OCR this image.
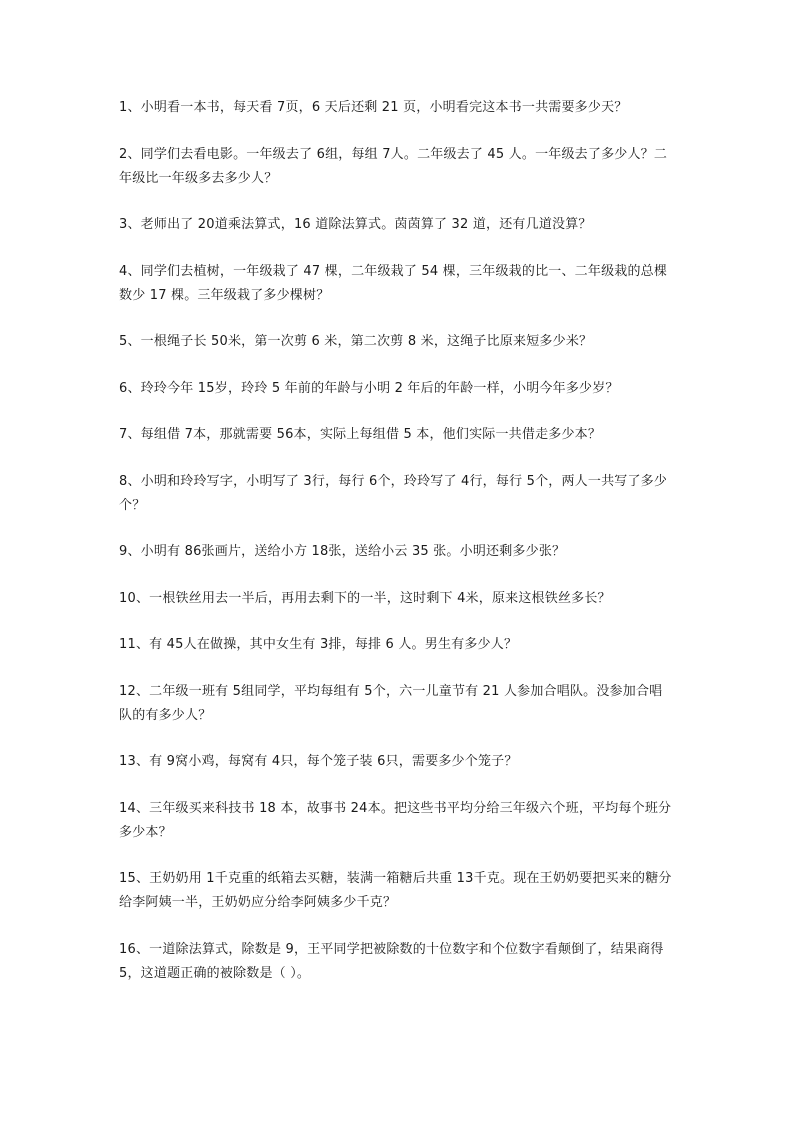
1、小明看一本书，每天看 7页，6 天后还剩 21 页，小明看完这本书一共需要多少天？
2、同学们去看电影。一年级去了 6组，每组 7人。二年级去了 45 人。一年级去了多少人？二年级比一年级多去多少人？
3、老师出了 20道乘法算式，16 道除法算式。茵茵算了 32 道，还有几道没算？
4、同学们去植树，一年级栽了 47 棵，二年级栽了 54 棵，三年级栽的比一、二年级栽的总棵数少 17 棵。三年级栽了多少棵树？
5、一根绳子长 50米，第一次剪 6 米，第二次剪 8 米，这绳子比原来短多少米？
6、玲玲今年 15岁，玲玲 5 年前的年龄与小明 2 年后的年龄一样，小明今年多少岁？
7、每组借 7本，那就需要 56本，实际上每组借 5 本，他们实际一共借走多少本？
8、小明和玲玲写字，小明写了 3行，每行 6个，玲玲写了 4行，每行 5个，两人一共写了多少个？
9、小明有 86张画片，送给小方 18张，送给小云 35 张。小明还剩多少张？
10、一根铁丝用去一半后，再用去剩下的一半，这时剩下 4米，原来这根铁丝多长？
11、有 45人在做操，其中女生有 3排，每排 6 人。男生有多少人？
12、二年级一班有 5组同学，平均每组有 5个，六一儿童节有 21 人参加合唱队。没参加合唱队的有多少人？
13、有 9窝小鸡，每窝有 4只，每个笼子装 6只，需要多少个笼子？
14、三年级买来科技书 18 本，故事书 24本。把这些书平均分给三年级六个班，平均每个班分多少本？
15、王奶奶用 1千克重的纸箱去买糖，装满一箱糖后共重 13千克。现在王奶奶要把买来的糖分给李阿姨一半，王奶奶应分给李阿姨多少千克？
16、一道除法算式，除数是 9，王平同学把被除数的十位数字和个位数字看颠倒了，结果商得 5，这道题正确的被除数是（ ）。
